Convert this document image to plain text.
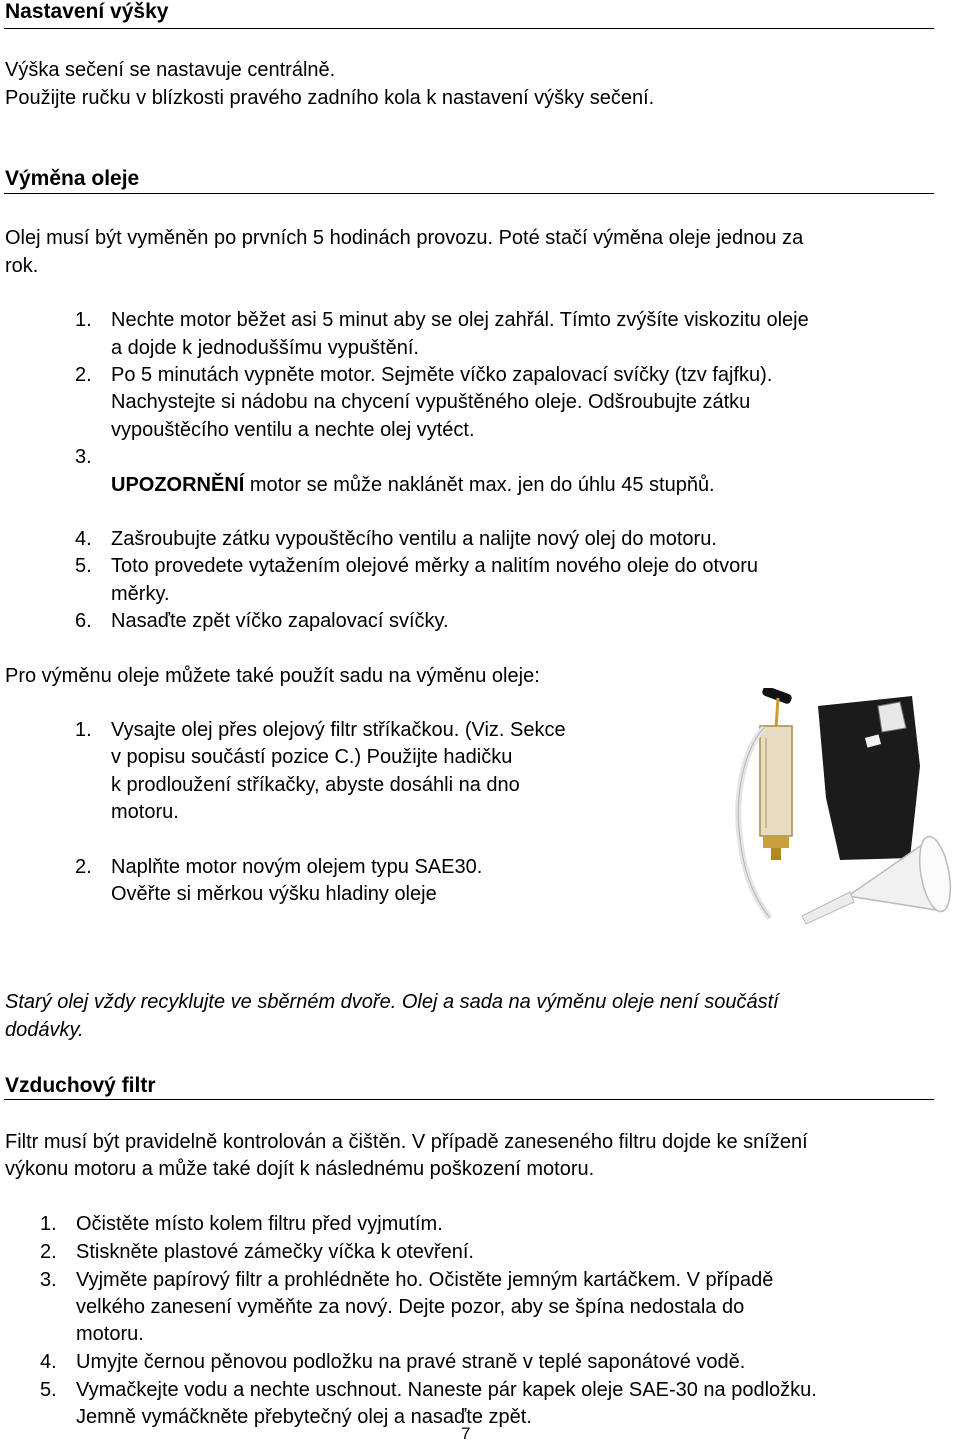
Nastavení výšky
Výška sečení se nastavuje centrálně.
Použijte ručku v blízkosti pravého zadního kola k nastavení výšky sečení.
Výměna oleje
Olej musí být vyměněn po prvních 5 hodinách provozu. Poté stačí výměna oleje jednou za
rok.
1. Nechte motor běžet asi 5 minut aby se olej zahřál. Tímto zvýšíte viskozitu oleje
a dojde k jednoduššímu vypuštění.
2. Po 5 minutách vypněte motor. Sejměte víčko zapalovací svíčky (tzv fajfku).
Nachystejte si nádobu na chycení vypuštěného oleje. Odšroubujte zátku
vypouštěcího ventilu a nechte olej vytéct.
3.
UPOZORNĚNÍ motor se může naklánět max. jen do úhlu 45 stupňů.
4. Zašroubujte zátku vypouštěcího ventilu a nalijte nový olej do motoru.
5. Toto provedete vytažením olejové měrky a nalitím nového oleje do otvoru
měrky.
6. Nasaďte zpět víčko zapalovací svíčky.
Pro výměnu oleje můžete také použít sadu na výměnu oleje:
1. Vysajte olej přes olejový filtr stříkačkou. (Viz. Sekce
v popisu součástí pozice C.) Použijte hadičku
k prodloužení stříkačky, abyste dosáhli na dno
motoru.
2. Naplňte motor novým olejem typu SAE30.
Ověřte si měrkou výšku hladiny oleje
Starý olej vždy recyklujte ve sběrném dvoře. Olej a sada na výměnu oleje není součástí
dodávky.
Vzduchový filtr
Filtr musí být pravidelně kontrolován a čištěn. V případě zaneseného filtru dojde ke snížení
výkonu motoru a může také dojít k následnému poškození motoru.
1. Očistěte místo kolem filtru před vyjmutím.
2. Stiskněte plastové zámečky víčka k otevření.
3. Vyjměte papírový filtr a prohlédněte ho. Očistěte jemným kartáčkem. V případě
velkého zanesení vyměňte za nový. Dejte pozor, aby se špína nedostala do
motoru.
4. Umyjte černou pěnovou podložku na pravé straně v teplé saponátové vodě.
5. Vymačkejte vodu a nechte uschnout. Naneste pár kapek oleje SAE-30 na podložku.
Jemně vymáčkněte přebytečný olej a nasaďte zpět.
7
